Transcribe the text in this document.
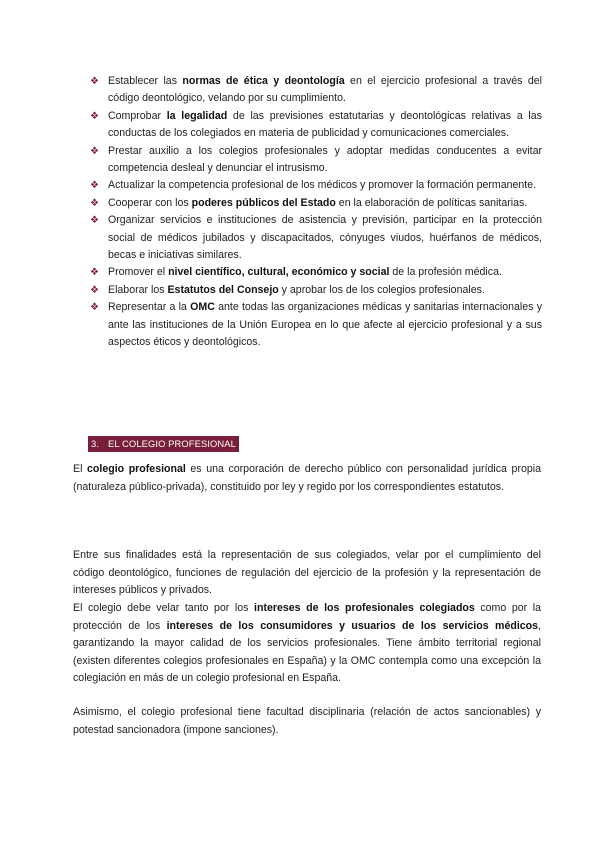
❖ Establecer las normas de ética y deontología en el ejercicio profesional a través del código deontológico, velando por su cumplimiento.
❖ Comprobar la legalidad de las previsiones estatutarias y deontológicas relativas a las conductas de los colegiados en materia de publicidad y comunicaciones comerciales.
❖ Prestar auxilio a los colegios profesionales y adoptar medidas conducentes a evitar competencia desleal y denunciar el intrusismo.
❖ Actualizar la competencia profesional de los médicos y promover la formación permanente.
❖ Cooperar con los poderes públicos del Estado en la elaboración de políticas sanitarias.
❖ Organizar servicios e instituciones de asistencia y previsión, participar en la protección social de médicos jubilados y discapacitados, cónyuges viudos, huérfanos de médicos, becas e iniciativas similares.
❖ Promover el nivel científico, cultural, económico y social de la profesión médica.
❖ Elaborar los Estatutos del Consejo y aprobar los de los colegios profesionales.
❖ Representar a la OMC ante todas las organizaciones médicas y sanitarias internacionales y ante las instituciones de la Unión Europea en lo que afecte al ejercicio profesional y a sus aspectos éticos y deontológicos.
3. EL COLEGIO PROFESIONAL

El colegio profesional es una corporación de derecho público con personalidad jurídica propia (naturaleza público-privada), constituido por ley y regido por los correspondientes estatutos.

Entre sus finalidades está la representación de sus colegiados, velar por el cumplimiento del código deontológico, funciones de regulación del ejercicio de la profesión y la representación de intereses públicos y privados.

El colegio debe velar tanto por los intereses de los profesionales colegiados como por la protección de los intereses de los consumidores y usuarios de los servicios médicos, garantizando la mayor calidad de los servicios profesionales. Tiene ámbito territorial regional (existen diferentes colegios profesionales en España) y la OMC contempla como una excepción la colegiación en más de un colegio profesional en España.

Asimismo, el colegio profesional tiene facultad disciplinaria (relación de actos sancionables) y potestad sancionadora (impone sanciones).
